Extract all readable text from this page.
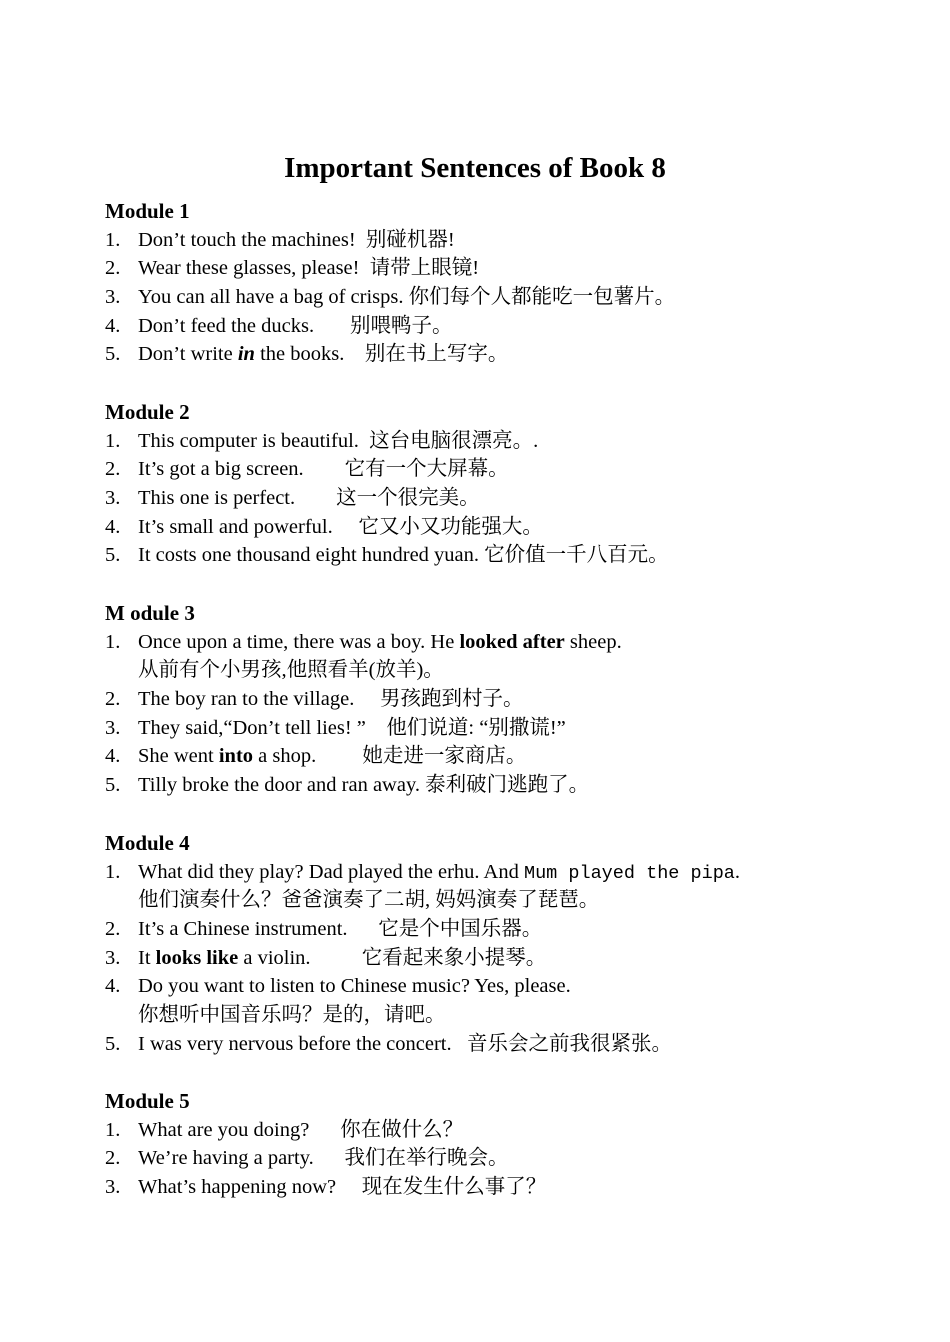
Important Sentences of Book 8
Module 1
1. Don’t touch the machines!  别碰机器!
2. Wear these glasses, please!  请带上眼镜!
3. You can all have a bag of crisps. 你们每个人都能吃一包薯片。
4. Don’t feed the ducks.       别喂鸭子。
5. Don’t write in the books.    别在书上写字。
Module 2
1. This computer is beautiful.  这台电脑很漂亮。.
2. It’s got a big screen.        它有一个大屏幕。
3. This one is perfect.        这一个很完美。
4. It’s small and powerful.     它又小又功能强大。
5. It costs one thousand eight hundred yuan. 它价值一千八百元。
M odule 3
1. Once upon a time, there was a boy. He looked after sheep.
从前有个小男孩,他照看羊(放羊)。
2. The boy ran to the village.     男孩跑到村子。
3. They said,“Don’t tell lies! ”    他们说道: “别撒谎!”
4. She went into a shop.         她走进一家商店。
5. Tilly broke the door and ran away. 泰利破门逃跑了。
Module 4
1. What did they play? Dad played the erhu. And Mum played the pipa.
他们演奏什么？爸爸演奏了二胡, 妈妈演奏了琵琶。
2. It’s a Chinese instrument.      它是个中国乐器。
3. It looks like a violin.          它看起来象小提琴。
4. Do you want to listen to Chinese music? Yes, please.
你想听中国音乐吗？是的，请吧。
5. I was very nervous before the concert.   音乐会之前我很紧张。
Module 5
1. What are you doing?      你在做什么？
2. We’re having a party.      我们在举行晚会。
3. What’s happening now?     现在发生什么事了？
